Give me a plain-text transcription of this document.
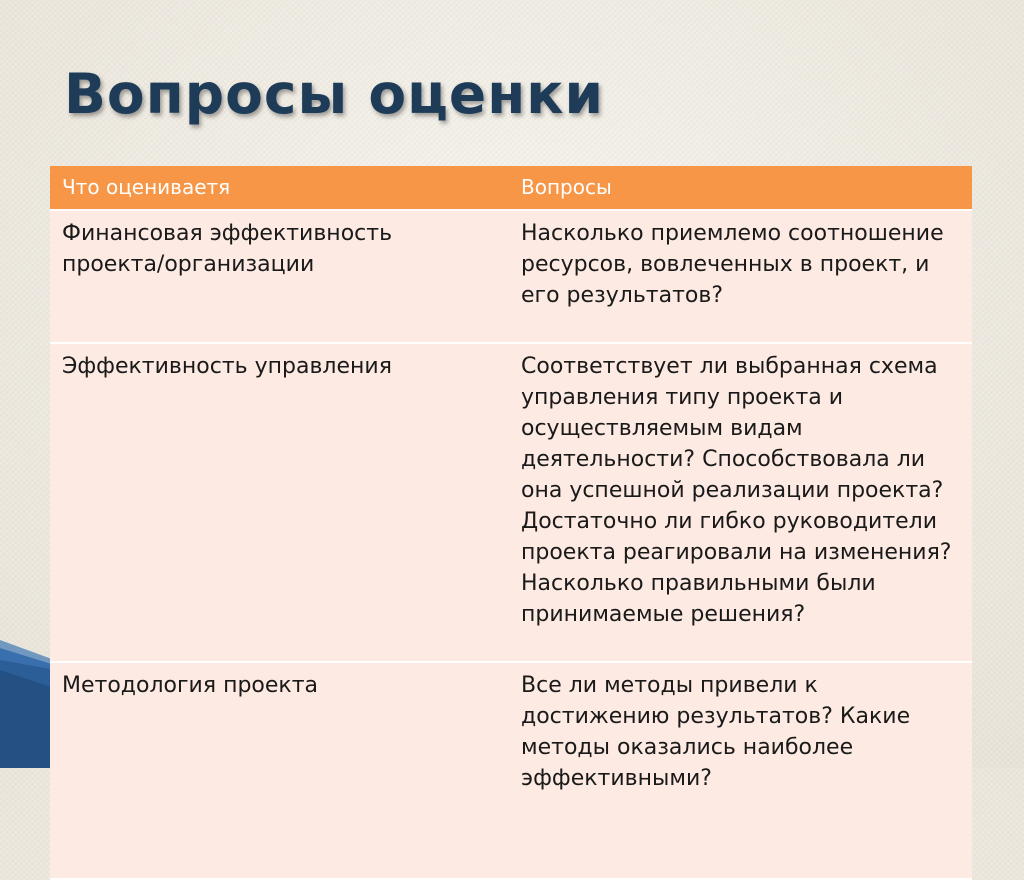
Вопросы оценки
Что оцениваетя	Вопросы
Финансовая эффективность проекта/организации	Насколько приемлемо соотношение ресурсов, вовлеченных в проект, и его результатов?
Эффективность управления	Соответствует ли выбранная схема управления типу проекта и осуществляемым видам деятельности? Способствовала ли она успешной реализации проекта? Достаточно ли гибко руководители проекта реагировали на изменения? Насколько правильными были принимаемые решения?
Методология проекта	Все ли методы привели к достижению результатов? Какие методы оказались наиболее эффективными?
